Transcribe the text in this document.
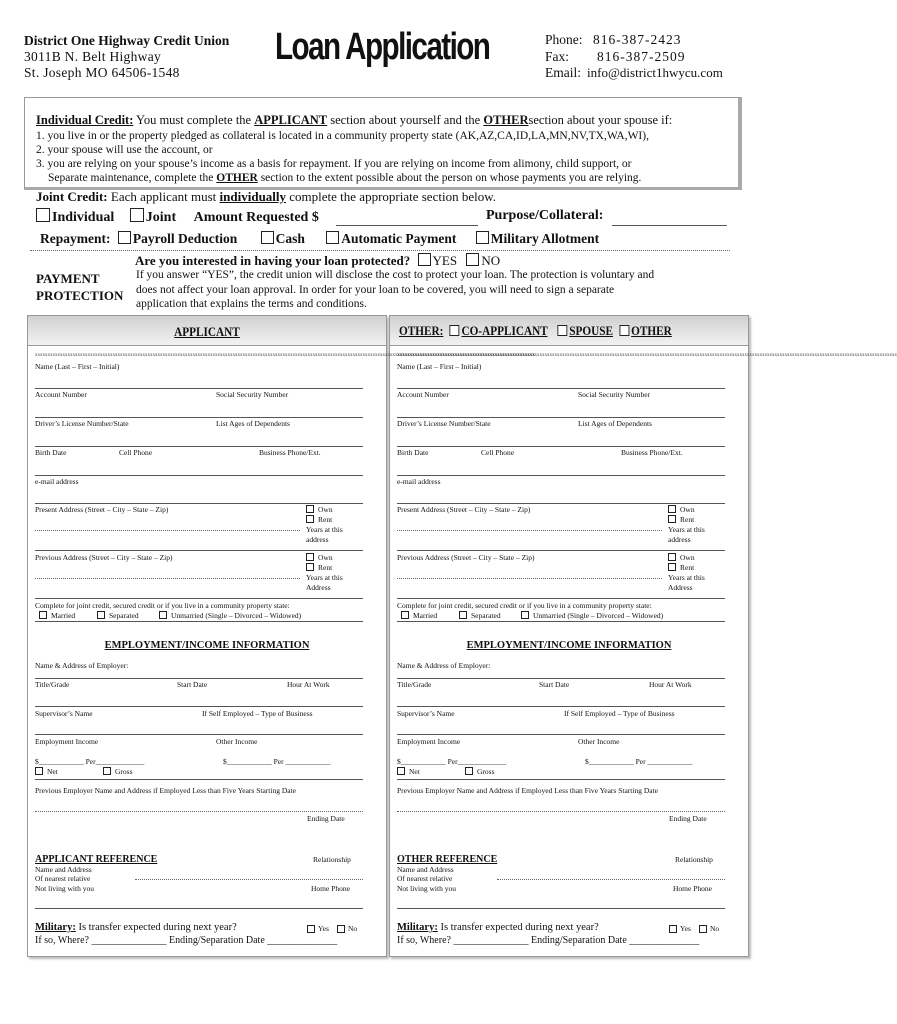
District One Highway Credit Union
3011B N. Belt Highway
St. Joseph MO 64506-1548
Loan Application	Phone: 816-387-2423
Fax: 816-387-2509
Email: info@district1hwycu.com
Individual Credit: You must complete the APPLICANT section about yourself and the OTHERsection about your spouse if:
1. you live in or the property pledged as collateral is located in a community property state (AK,AZ,CA,ID,LA,MN,NV,TX,WA,WI),
2. your spouse will use the account, or
3. you are relying on your spouse’s income as a basis for repayment. If you are relying on income from alimony, child support, or
Separate maintenance, complete the OTHER section to the extent possible about the person on whose payments you are relying.
Joint Credit: Each applicant must individually complete the appropriate section below.
Individual Joint Amount Requested $	Purpose/Collateral:
Repayment: Payroll Deduction	Cash	Automatic Payment	Military Allotment
Are you interested in having your loan protected? YES NO
PAYMENT
PROTECTION
If you answer “YES”, the credit union will disclose the cost to protect your loan. The protection is voluntary and
does not affect your loan approval. In order for your loan to be covered, you will need to sign a separate
application that explains the terms and conditions.
APPLICANT	OTHER: CO-APPLICANT SPOUSE OTHER
xxxxxxxxxxxxxxxxxxxxxxxxxxxxxxxxxxxxxxxxxxxxxxxxxxxxxxxxxxxxxxxxxxxxxxxxxxxxxxxxxxxxxxxxxxxxxxxxxxxxxxxxxxxxxxxxxxxxxxxxxxxxxxxxxxxxxxxxxxxxxxxxxxxxxxxxxxxxxxxxxxxxxxxxxxxxxxxxxxxxxxxxxxxxxxxxxxxxxxxx
Name (Last – First – Initial)
Account Number	Social Security Number
Driver’s License Number/State	List Ages of Dependents
Birth Date	Cell Phone	Business Phone/Ext.
e-mail address
Present Address (Street – City – State – Zip)	Own
Rent
Years at this
address
Previous Address (Street – City – State – Zip)	Own
Rent
Years at this
Address
Complete for joint credit, secured credit or if you live in a community property state:
Married	Separated	Unmarried (Single – Divorced – Widowed)
EMPLOYMENT/INCOME INFORMATION
Name & Address of Employer:
Title/Grade	Start Date	Hour At Work
Supervisor’s Name	If Self Employed – Type of Business
Employment Income	Other Income
$____________ Per_____________	$____________ Per ____________
Net	Gross
Previous Employer Name and Address if Employed Less than Five Years Starting Date
Ending Date
APPLICANT REFERENCE	Relationship
Name and Address
Of nearest relative
Not living with you	Home Phone
Military: Is transfer expected during next year?	Yes	No
If so, Where? _______________ Ending/Separation Date ______________
xxxxxxxxxxxxxxxxxxxxxxxxxxxxxxxxxxxxxxxxxxxxxxxxxxxxxxxxxxxxxxxxxxxxxxxxxxxxxxxxxxxxxxxxxxxxxxxxxxxxxxxxxxxxxxxxxxxxxxxxxxxxxxxxxxxxxxxxxxxxxxxxxxxxxxxxxxxxxxxxxxxxxxxxxxxxxxxxxxxxxxxxxxxxxxxxxxxxxxxx
Name (Last – First – Initial)
Account Number	Social Security Number
Driver’s License Number/State	List Ages of Dependents
Birth Date	Cell Phone	Business Phone/Ext.
e-mail address
Present Address (Street – City – State – Zip)	Own
Rent
Years at this
address
Previous Address (Street – City – State – Zip)	Own
Rent
Years at this
Address
Complete for joint credit, secured credit or if you live in a community property state:
Married	Separated	Unmarried (Single – Divorced – Widowed)
EMPLOYMENT/INCOME INFORMATION
Name & Address of Employer:
Title/Grade	Start Date	Hour At Work
Supervisor’s Name	If Self Employed – Type of Business
Employment Income	Other Income
$____________ Per_____________	$____________ Per ____________
Net	Gross
Previous Employer Name and Address if Employed Less than Five Years Starting Date
Ending Date
OTHER REFERENCE	Relationship
Name and Address
Of nearest relative
Not living with you	Home Phone
Military: Is transfer expected during next year?	Yes	No
If so, Where? _______________ Ending/Separation Date ______________
